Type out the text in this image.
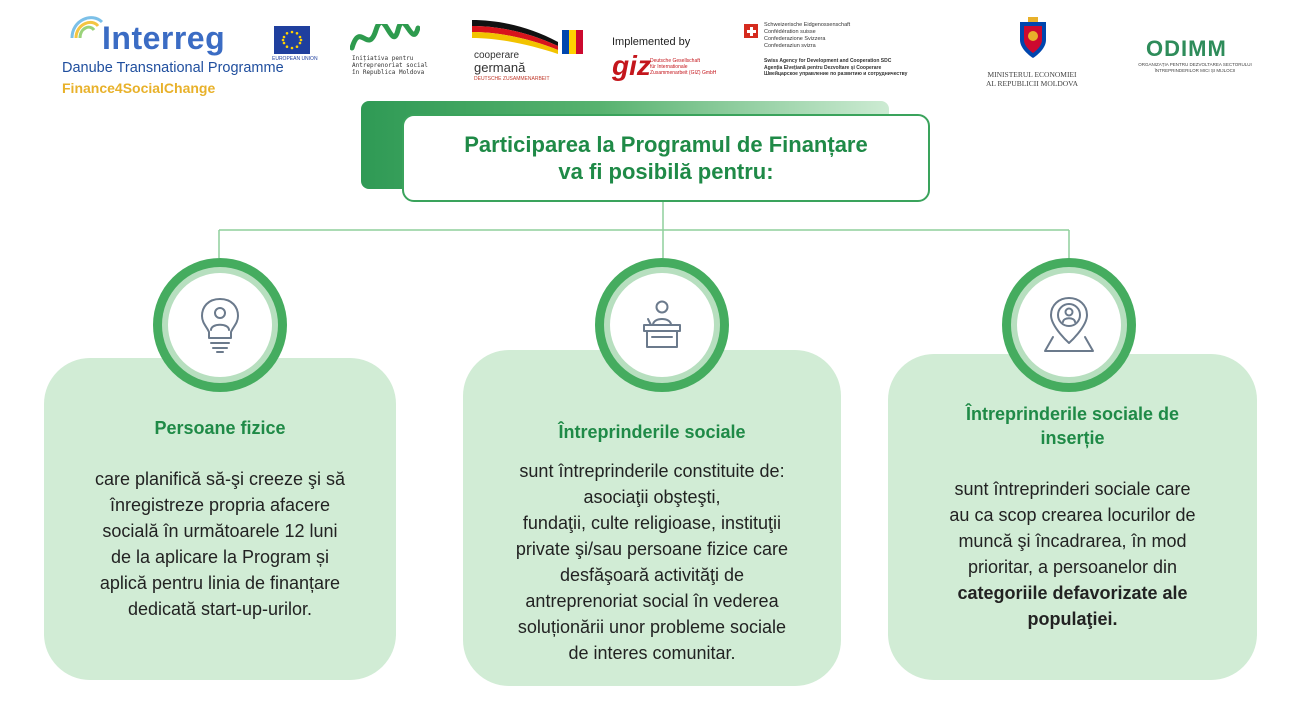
Interreg
EUROPEAN UNION
Danube Transnational Programme
Finance4SocialChange
Inițiativa pentru
Antreprenoriat social
în Republica Moldova
cooperare
germană
DEUTSCHE ZUSAMMENARBEIT
Implemented by
giz Deutsche Gesellschaft
für Internationale
Zusammenarbeit (GIZ) GmbH
Schweizerische Eidgenossenschaft
Confédération suisse
Confederazione Svizzera
Confederaziun svizra
Swiss Agency for Development and Cooperation SDC
Agenția Elvețiană pentru Dezvoltare și Cooperare
Швейцарское управление по развитию и сотрудничеству	MINISTERUL ECONOMIEI
AL REPUBLICII MOLDOVA
ODIMM
ORGANIZAȚIA PENTRU DEZVOLTAREA SECTORULUI
ÎNTREPRINDERILOR MICI ȘI MIJLOCII
Participarea la Programul de Finanțare
va fi posibilă pentru:
Persoane fizice
care planifică să-şi creeze şi să
înregistreze propria afacere
socială în următoarele 12 luni
de la aplicare la Program și
aplică pentru linia de finanțare
dedicată start-up-urilor.
Întreprinderile sociale
sunt întreprinderile constituite de:
asociaţii obşteşti,
fundaţii, culte religioase, instituţii
private şi/sau persoane fizice care
desfăşoară activităţi de
antreprenoriat social în vederea
soluționării unor probleme sociale
de interes comunitar.
Întreprinderile sociale de
inserție
sunt întreprinderi sociale care
au ca scop crearea locurilor de
muncă şi încadrarea, în mod
prioritar, a persoanelor din
categoriile defavorizate ale
populaţiei.
